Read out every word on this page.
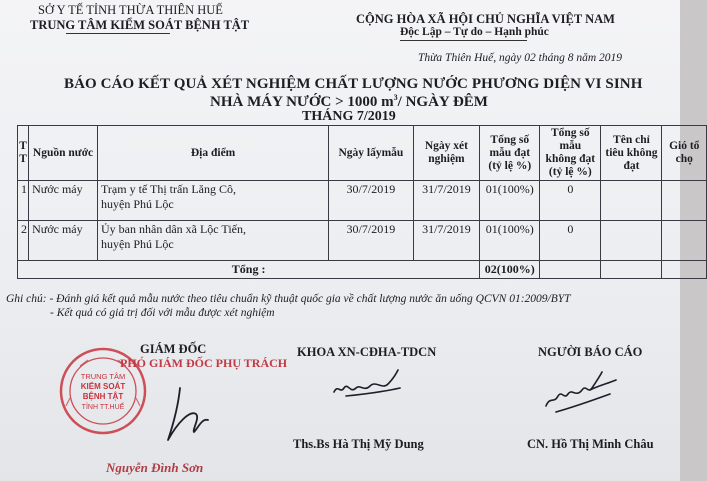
SỞ Y TẾ TỈNH THỪA THIÊN HUẾ
TRUNG TÂM KIỂM SOÁT BỆNH TẬT	CỘNG HÒA XÃ HỘI CHỦ NGHĨA VIỆT NAM
Độc Lập – Tự do – Hạnh phúc
Thừa Thiên Huế, ngày 02 tháng 8 năm 2019
BÁO CÁO KẾT QUẢ XÉT NGHIỆM CHẤT LƯỢNG NƯỚC PHƯƠNG DIỆN VI SINH
NHÀ MÁY NƯỚC > 1000 $m^3/$ NGÀY ĐÊM
THÁNG 7/2019
TT	Nguồn nước	Địa điểm	Ngày lấymẫu	Ngày xét nghiệm	Tổng số mẫu đạt (tỷ lệ %)	Tổng số mẫu không đạt (tỷ lệ %)	Tên chỉ tiêu không đạt	Gió tổ chọ
1	Nước máy	Trạm y tế Thị trấn Lăng Cô,
huyện Phú Lộc	30/7/2019	31/7/2019	01(100%)	0		
2	Nước máy	Ủy ban nhân dân xã Lộc Tiến,
huyện Phú Lộc	30/7/2019	31/7/2019	01(100%)	0		
Tổng :					02(100%)			
Ghi chú: - Đánh giá kết quả mẫu nước theo tiêu chuẩn kỹ thuật quốc gia về chất lượng nước ăn uống QCVN 01:2009/BYT
- Kết quả có giá trị đối với mẫu được xét nghiệm
GIÁM ĐỐC
PHÓ GIÁM ĐỐC PHỤ TRÁCH
TRUNG TÂM
KIỂM SOÁT
BỆNH TẬT
TỈNH TT.HUẾ
Nguyễn Đình Sơn
KHOA XN-CĐHA-TDCN
Ths.Bs Hà Thị Mỹ Dung
NGƯỜI BÁO CÁO
CN. Hồ Thị Minh Châu
